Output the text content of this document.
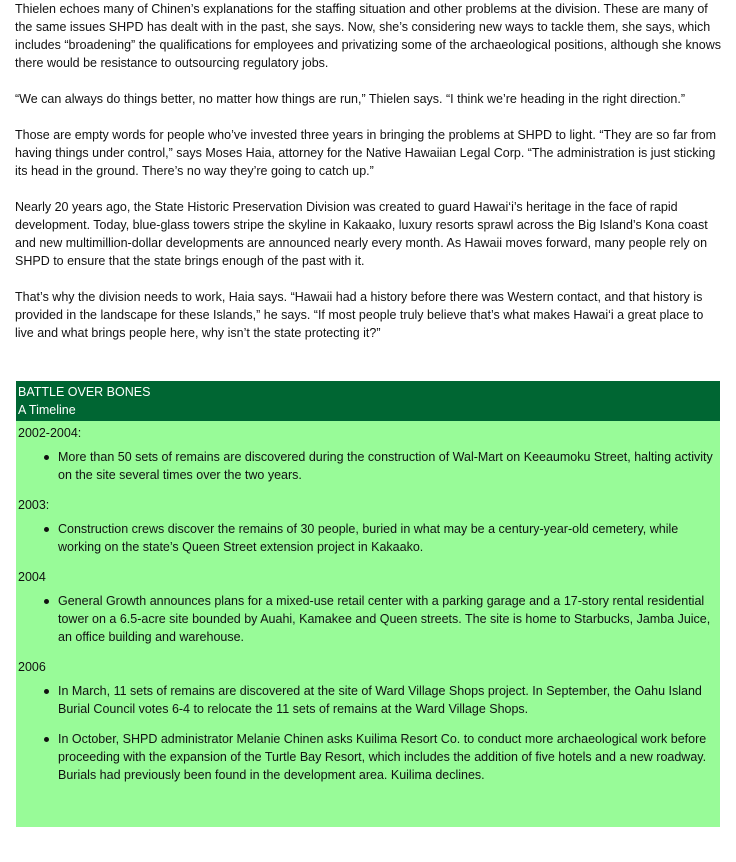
Thielen echoes many of Chinen’s explanations for the staffing situation and other problems at the division. These are many of the same issues SHPD has dealt with in the past, she says. Now, she’s considering new ways to tackle them, she says, which includes “broadening” the qualifications for employees and privatizing some of the archaeological positions, although she knows there would be resistance to outsourcing regulatory jobs.

“We can always do things better, no matter how things are run,” Thielen says. “I think we’re heading in the right direction.”

Those are empty words for people who’ve invested three years in bringing the problems at SHPD to light. “They are so far from having things under control,” says Moses Haia, attorney for the Native Hawaiian Legal Corp. “The administration is just sticking its head in the ground. There’s no way they’re going to catch up.”

Nearly 20 years ago, the State Historic Preservation Division was created to guard Hawai‘i’s heritage in the face of rapid development. Today, blue-glass towers stripe the skyline in Kakaako, luxury resorts sprawl across the Big Island’s Kona coast and new multimillion-dollar developments are announced nearly every month. As Hawaii moves forward, many people rely on SHPD to ensure that the state brings enough of the past with it.

That’s why the division needs to work, Haia says. “Hawaii had a history before there was Western contact, and that history is provided in the landscape for these Islands,” he says. “If most people truly believe that’s what makes Hawai‘i a great place to live and what brings people here, why isn’t the state protecting it?”

BATTLE OVER BONES
A Timeline
2002-2004:
More than 50 sets of remains are discovered during the construction of Wal-Mart on Keeaumoku Street, halting activity on the site several times over the two years.
2003:
Construction crews discover the remains of 30 people, buried in what may be a century-year-old cemetery, while working on the state’s Queen Street extension project in Kakaako.
2004
General Growth announces plans for a mixed-use retail center with a parking garage and a 17-story rental residential tower on a 6.5-acre site bounded by Auahi, Kamakee and Queen streets. The site is home to Starbucks, Jamba Juice, an office building and warehouse.
2006
In March, 11 sets of remains are discovered at the site of Ward Village Shops project. In September, the Oahu Island Burial Council votes 6-4 to relocate the 11 sets of remains at the Ward Village Shops.
In October, SHPD administrator Melanie Chinen asks Kuilima Resort Co. to conduct more archaeological work before proceeding with the expansion of the Turtle Bay Resort, which includes the addition of five hotels and a new roadway. Burials had previously been found in the development area. Kuilima declines.
